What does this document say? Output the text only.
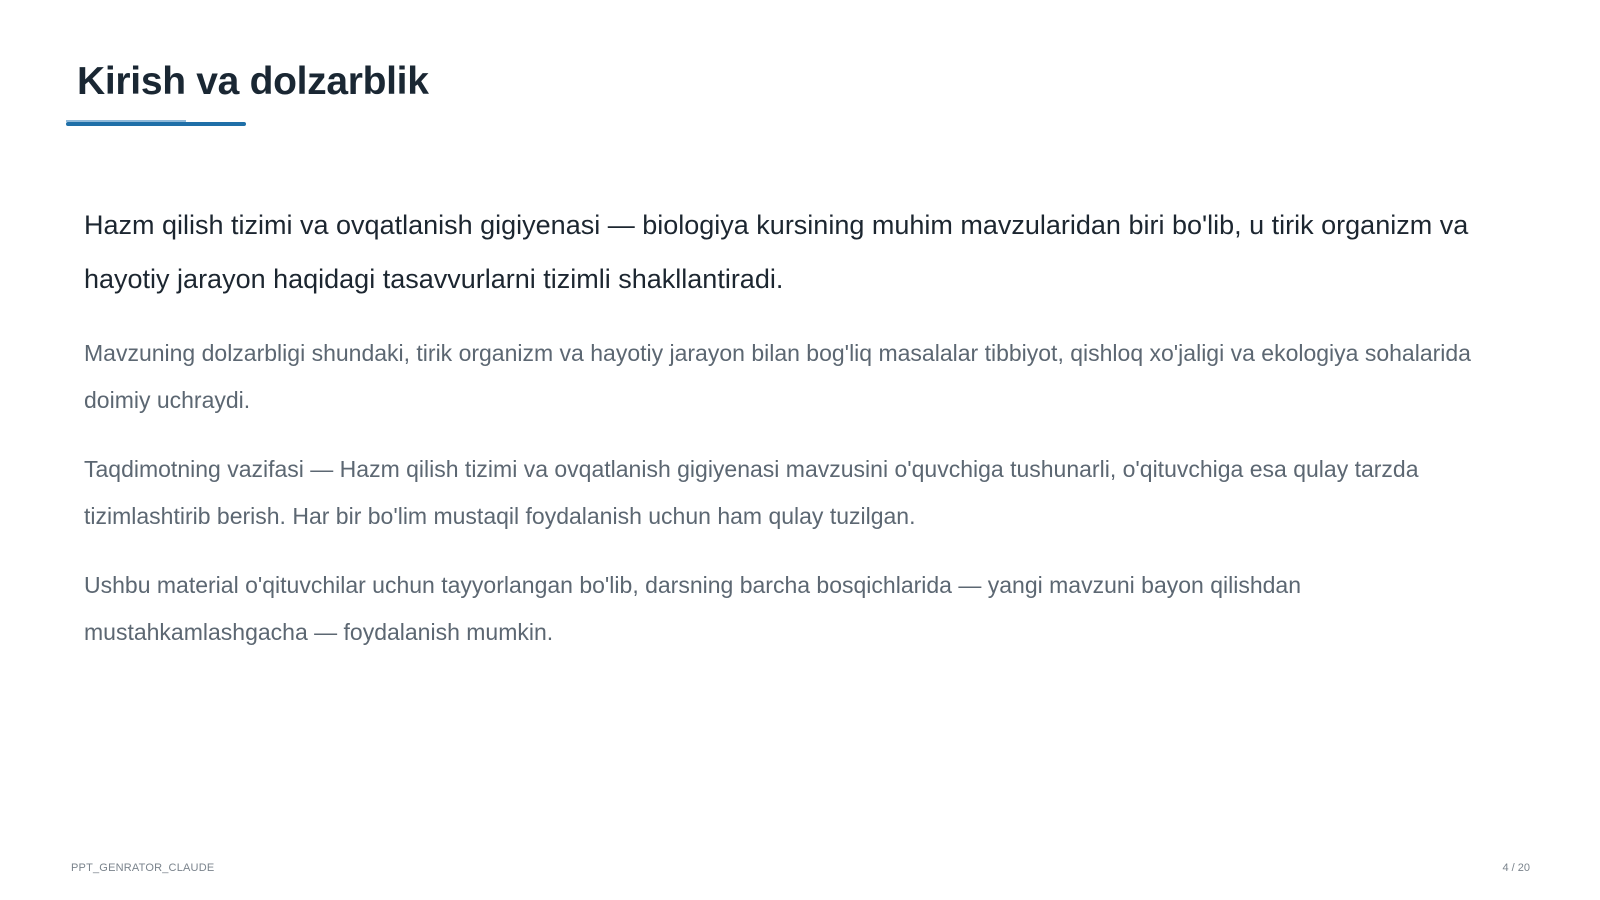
Kirish va dolzarblik

Hazm qilish tizimi va ovqatlanish gigiyenasi — biologiya kursining muhim mavzularidan biri bo'lib, u tirik organizm va hayotiy jarayon haqidagi tasavvurlarni tizimli shakllantiradi.

Mavzuning dolzarbligi shundaki, tirik organizm va hayotiy jarayon bilan bog'liq masalalar tibbiyot, qishloq xo'jaligi va ekologiya sohalarida doimiy uchraydi.

Taqdimotning vazifasi — Hazm qilish tizimi va ovqatlanish gigiyenasi mavzusini o'quvchiga tushunarli, o'qituvchiga esa qulay tarzda tizimlashtirib berish. Har bir bo'lim mustaqil foydalanish uchun ham qulay tuzilgan.

Ushbu material o'qituvchilar uchun tayyorlangan bo'lib, darsning barcha bosqichlarida — yangi mavzuni bayon qilishdan mustahkamlashgacha — foydalanish mumkin.

PPT_GENRATOR_CLAUDE	4 / 20
